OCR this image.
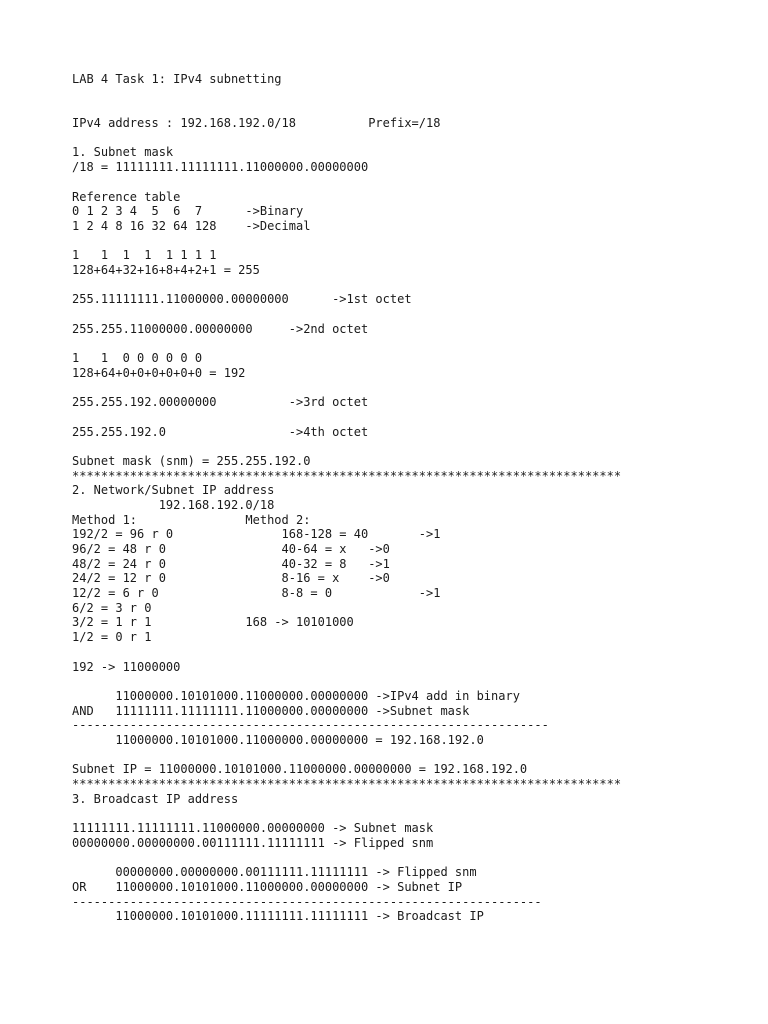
LAB 4 Task 1: IPv4 subnetting
IPv4 address : 192.168.192.0/18          Prefix=/18
1. Subnet mask
/18 = 11111111.11111111.11000000.00000000
Reference table
0 1 2 3 4  5  6  7      ->Binary
1 2 4 8 16 32 64 128    ->Decimal
1   1  1  1  1 1 1 1
128+64+32+16+8+4+2+1 = 255
255.11111111.11000000.00000000      ->1st octet
255.255.11000000.00000000     ->2nd octet
1   1  0 0 0 0 0 0
128+64+0+0+0+0+0+0 = 192
255.255.192.00000000          ->3rd octet
255.255.192.0                 ->4th octet
Subnet mask (snm) = 255.255.192.0
****************************************************************************
2. Network/Subnet IP address
192.168.192.0/18
Method 1:               Method 2:
192/2 = 96 r 0               168-128 = 40       ->1
96/2 = 48 r 0                40-64 = x   ->0
48/2 = 24 r 0                40-32 = 8   ->1
24/2 = 12 r 0                8-16 = x    ->0
12/2 = 6 r 0                 8-8 = 0            ->1
6/2 = 3 r 0
3/2 = 1 r 1             168 -> 10101000
1/2 = 0 r 1
192 -> 11000000
11000000.10101000.11000000.00000000 ->IPv4 add in binary
AND   11111111.11111111.11000000.00000000 ->Subnet mask
------------------------------------------------------------------
11000000.10101000.11000000.00000000 = 192.168.192.0
Subnet IP = 11000000.10101000.11000000.00000000 = 192.168.192.0
****************************************************************************
3. Broadcast IP address
11111111.11111111.11000000.00000000 -> Subnet mask
00000000.00000000.00111111.11111111 -> Flipped snm
00000000.00000000.00111111.11111111 -> Flipped snm
OR    11000000.10101000.11000000.00000000 -> Subnet IP
-----------------------------------------------------------------
11000000.10101000.11111111.11111111 -> Broadcast IP
